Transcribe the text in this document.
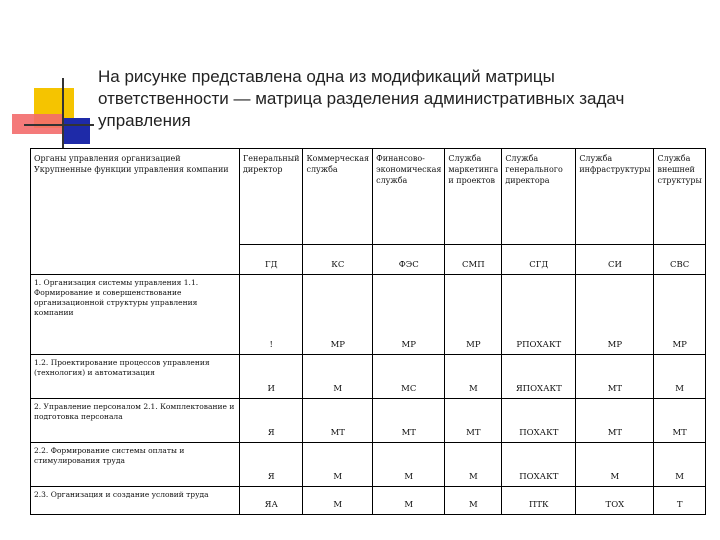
На рисунке представлена одна из модификаций матрицы
ответственности — матрица разделения административных задач
управления
Органы управления организацией Укрупненные функции управления компании	Генеральный директор	Коммерческая служба	Финансово-экономическая служба	Служба маркетинга и проектов	Служба генерального директора	Служба инфраструктуры	Служба внешней структуры
	ГД	КС	ФЭС	СМП	СГД	СИ	СВС
1. Организация системы управления 1.1. Формирование и совершенствование организационной структуры управления компании	!	МР	МР	МР	РПОХАКТ	МР	МР
1.2. Проектирование процессов управления (технология) и автоматизация	И	М	МС	М	ЯПОХАКТ	МТ	М
2. Управление персоналом 2.1. Комплектование и подготовка персонала	Я	МТ	МТ	МТ	ПОХАКТ	МТ	МТ
2.2. Формирование системы оплаты и стимулирования труда	Я	М	М	М	ПОХАКТ	М	М
2.3. Организация и создание условий труда	ЯА	М	М	М	ПТК	ТОХ	Т
